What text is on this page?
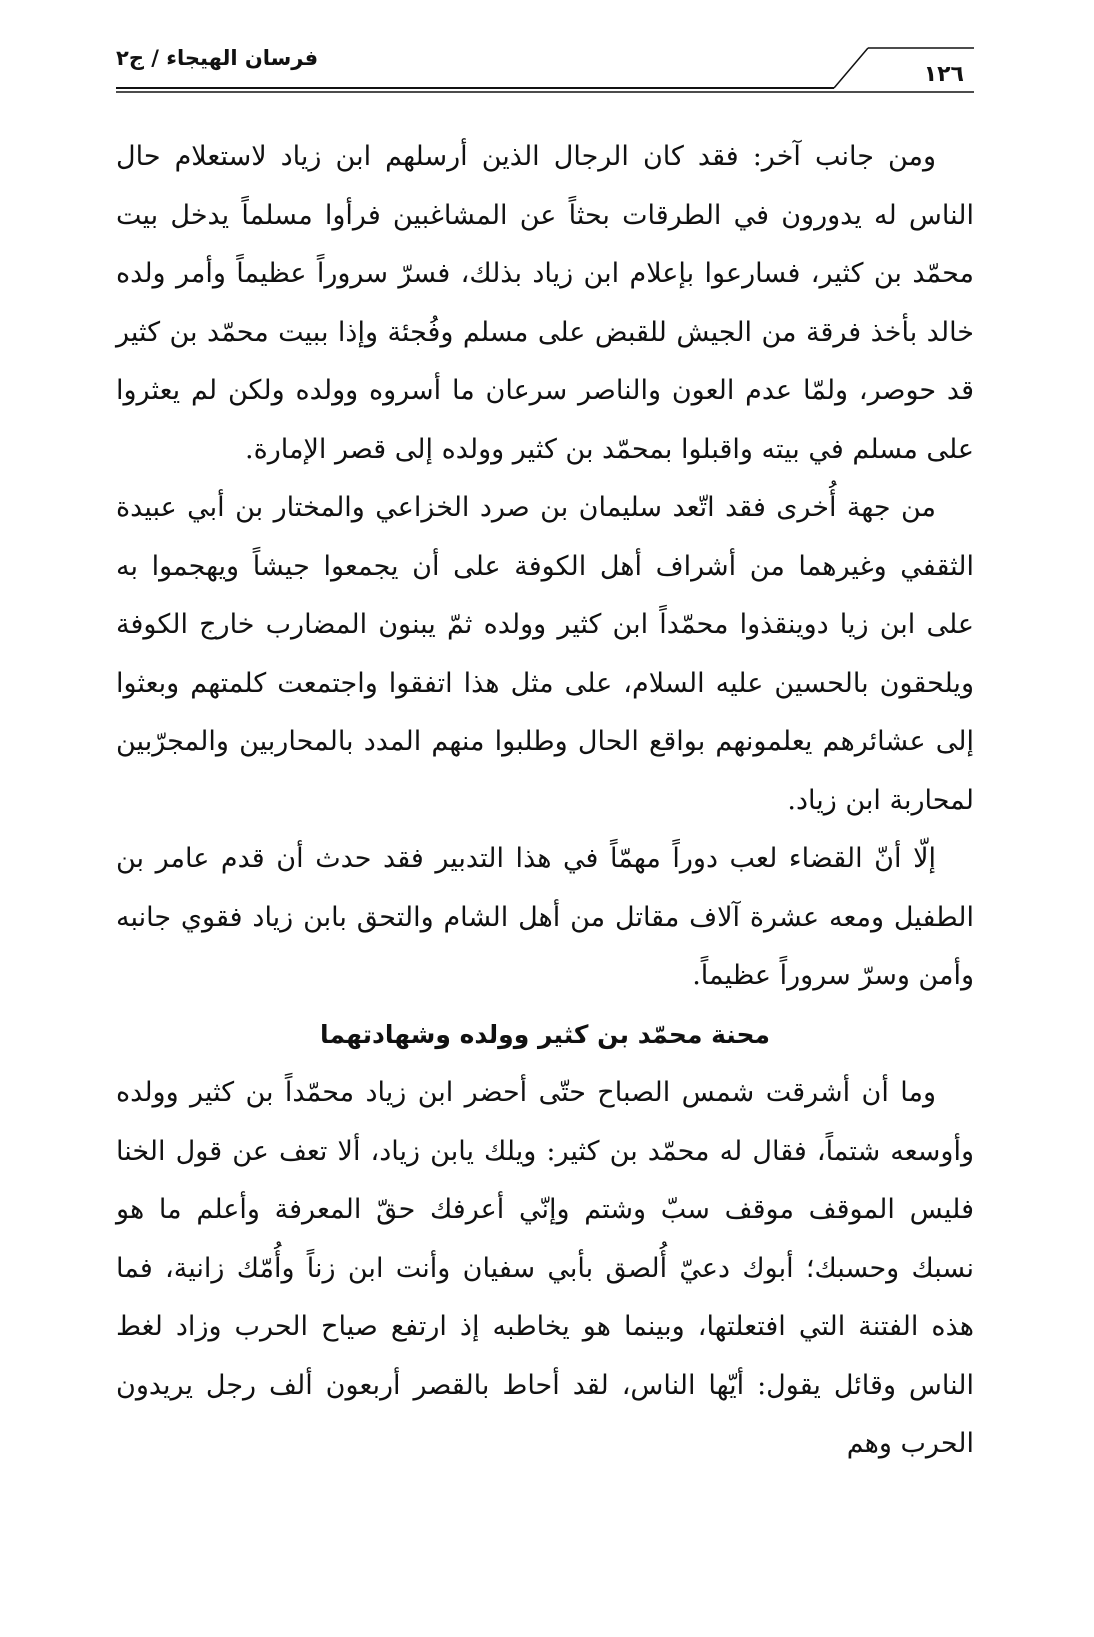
فرسان الهيجاء / ج٢
١٢٦

ومن جانب آخر: فقد كان الرجال الذين أرسلهم ابن زياد لاستعلام حال الناس له يدورون في الطرقات بحثاً عن المشاغبين فرأوا مسلماً يدخل بيت محمّد بن كثير، فسارعوا بإعلام ابن زياد بذلك، فسرّ سروراً عظيماً وأمر ولده خالد بأخذ فرقة من الجيش للقبض على مسلم وفُجئة وإذا ببيت محمّد بن كثير قد حوصر، ولمّا عدم العون والناصر سرعان ما أسروه وولده ولكن لم يعثروا على مسلم في بيته واقبلوا بمحمّد بن كثير وولده إلى قصر الإمارة.

من جهة أُخرى فقد اتّعد سليمان بن صرد الخزاعي والمختار بن أبي عبيدة الثقفي وغيرهما من أشراف أهل الكوفة على أن يجمعوا جيشاً ويهجموا به على ابن زيا دوينقذوا محمّداً ابن كثير وولده ثمّ يبنون المضارب خارج الكوفة ويلحقون بالحسين عليه السلام، على مثل هذا اتفقوا واجتمعت كلمتهم وبعثوا إلى عشائرهم يعلمونهم بواقع الحال وطلبوا منهم المدد بالمحاربين والمجرّبين لمحاربة ابن زياد.

إلّا أنّ القضاء لعب دوراً مهمّاً في هذا التدبير فقد حدث أن قدم عامر بن الطفيل ومعه عشرة آلاف مقاتل من أهل الشام والتحق بابن زياد فقوي جانبه وأمن وسرّ سروراً عظيماً.

محنة محمّد بن كثير وولده وشهادتهما

وما أن أشرقت شمس الصباح حتّى أحضر ابن زياد محمّداً بن كثير وولده وأوسعه شتماً، فقال له محمّد بن كثير: ويلك يابن زياد، ألا تعف عن قول الخنا فليس الموقف موقف سبّ وشتم وإنّي أعرفك حقّ المعرفة وأعلم ما هو نسبك وحسبك؛ أبوك دعيّ أُلصق بأبي سفيان وأنت ابن زناً وأُمّك زانية، فما هذه الفتنة التي افتعلتها، وبينما هو يخاطبه إذ ارتفع صياح الحرب وزاد لغط الناس وقائل يقول: أيّها الناس، لقد أحاط بالقصر أربعون ألف رجل يريدون الحرب وهم
